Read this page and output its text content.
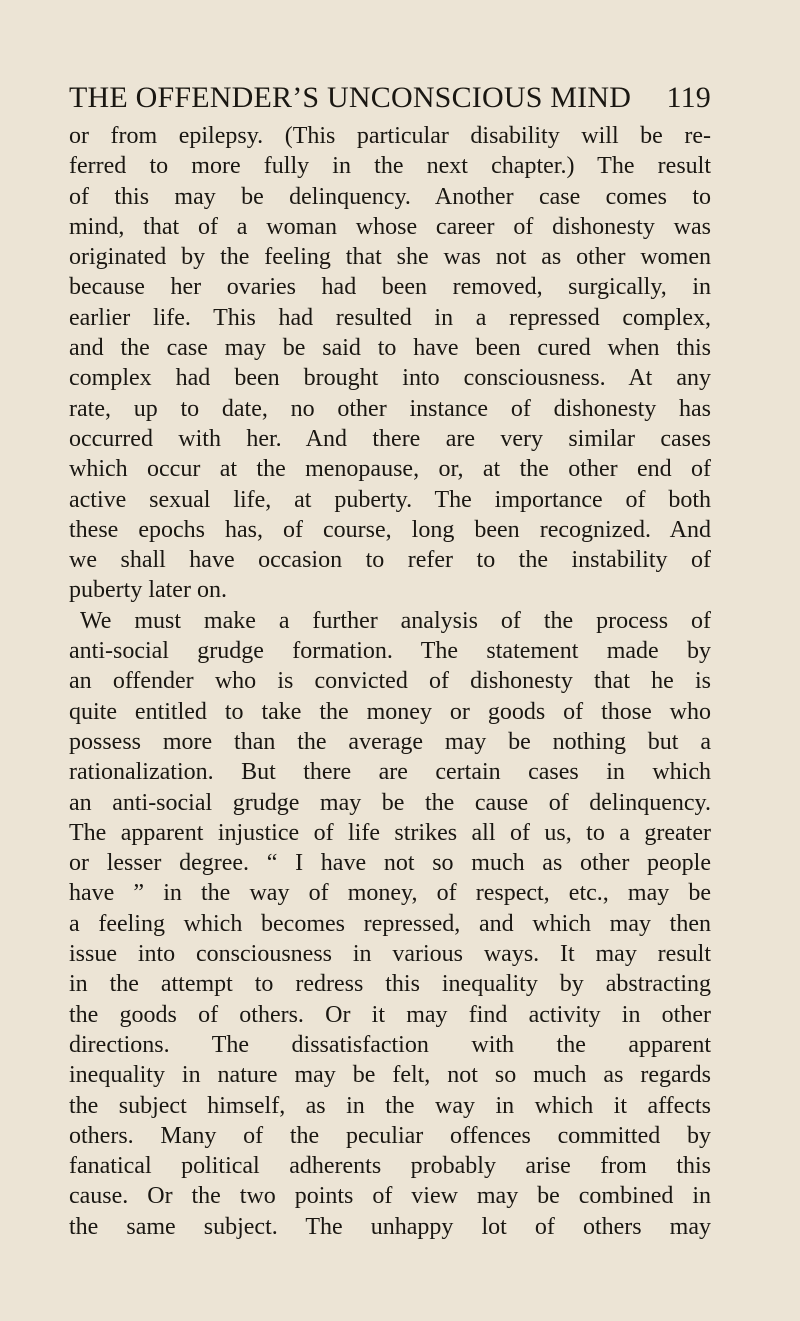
THE OFFENDER’S UNCONSCIOUS MIND 119
or from epilepsy. (This particular disability will be re-
ferred to more fully in the next chapter.) The result
of this may be delinquency. Another case comes to
mind, that of a woman whose career of dishonesty was
originated by the feeling that she was not as other women
because her ovaries had been removed, surgically, in
earlier life. This had resulted in a repressed complex,
and the case may be said to have been cured when this
complex had been brought into consciousness. At any
rate, up to date, no other instance of dishonesty has
occurred with her. And there are very similar cases
which occur at the menopause, or, at the other end of
active sexual life, at puberty. The importance of both
these epochs has, of course, long been recognized. And
we shall have occasion to refer to the instability of
puberty later on.
We must make a further analysis of the process of
anti-social grudge formation. The statement made by
an offender who is convicted of dishonesty that he is
quite entitled to take the money or goods of those who
possess more than the average may be nothing but a
rationalization. But there are certain cases in which
an anti-social grudge may be the cause of delinquency.
The apparent injustice of life strikes all of us, to a greater
or lesser degree. “ I have not so much as other people
have ” in the way of money, of respect, etc., may be
a feeling which becomes repressed, and which may then
issue into consciousness in various ways. It may result
in the attempt to redress this inequality by abstracting
the goods of others. Or it may find activity in other
directions. The dissatisfaction with the apparent
inequality in nature may be felt, not so much as regards
the subject himself, as in the way in which it affects
others. Many of the peculiar offences committed by
fanatical political adherents probably arise from this
cause. Or the two points of view may be combined in
the same subject. The unhappy lot of others may
